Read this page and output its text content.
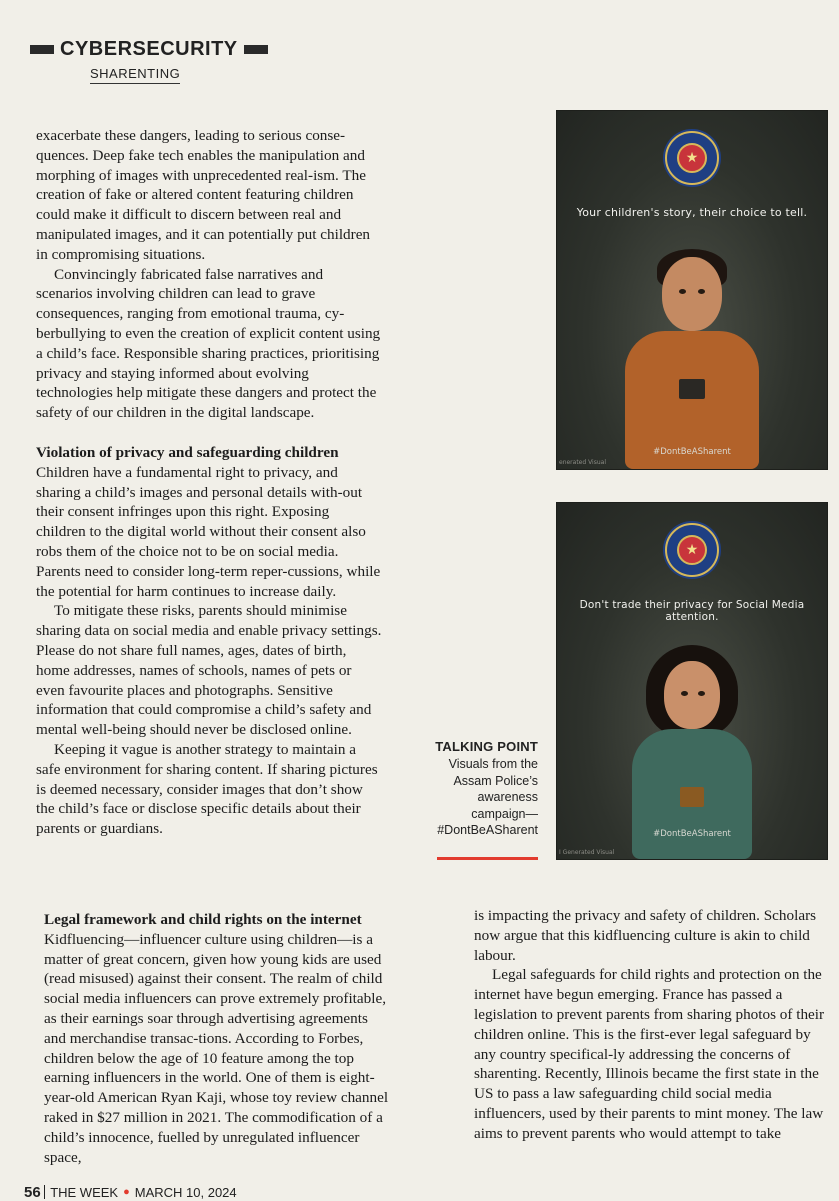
CYBERSECURITY
SHARENTING

exacerbate these dangers, leading to serious conse-quences. Deep fake tech enables the manipulation and morphing of images with unprecedented real-ism. The creation of fake or altered content featuring children could make it difficult to discern between real and manipulated images, and it can potentially put children in compromising situations.

Convincingly fabricated false narratives and scenarios involving children can lead to grave consequences, ranging from emotional trauma, cy-berbullying to even the creation of explicit content using a child’s face. Responsible sharing practices, prioritising privacy and staying informed about evolving technologies help mitigate these dangers and protect the safety of our children in the digital landscape.

Violation of privacy and safeguarding children

Children have a fundamental right to privacy, and sharing a child’s images and personal details with-out their consent infringes upon this right. Exposing children to the digital world without their consent also robs them of the choice not to be on social media. Parents need to consider long-term reper-cussions, while the potential for harm continues to increase daily.

To mitigate these risks, parents should minimise sharing data on social media and enable privacy settings. Please do not share full names, ages, dates of birth, home addresses, names of schools, names of pets or even favourite places and photographs. Sensitive information that could compromise a child’s safety and mental well-being should never be disclosed online.

Keeping it vague is another strategy to maintain a safe environment for sharing content. If sharing pictures is deemed necessary, consider images that don’t show the child’s face or disclose specific details about their parents or guardians.

Legal framework and child rights on the internet

Kidfluencing—influencer culture using children—is a matter of great concern, given how young kids are used (read misused) against their consent. The realm of child social media influencers can prove extremely profitable, as their earnings soar through advertising agreements and merchandise transac-tions. According to Forbes, children below the age of 10 feature among the top earning influencers in the world. One of them is eight-year-old American Ryan Kaji, whose toy review channel raked in $27 million in 2021. The commodification of a child’s innocence, fuelled by unregulated influencer space,

is impacting the privacy and safety of children. Scholars now argue that this kidfluencing culture is akin to child labour.

Legal safeguards for child rights and protection on the internet have begun emerging. France has passed a legislation to prevent parents from sharing photos of their children online. This is the first-ever legal safeguard by any country specifical-ly addressing the concerns of sharenting. Recently, Illinois became the first state in the US to pass a law safeguarding child social media influencers, used by their parents to mint money. The law aims to prevent parents who would attempt to take

★
Your children's story, their choice to tell.
#DontBeASharent
enerated Visual
★
Don't trade their privacy for Social Media attention.
#DontBeASharent
I Generated Visual
TALKING POINT
Visuals from the
Assam Police’s
awareness
campaign—
#DontBeASharent
56 THE WEEK ● MARCH 10, 2024
